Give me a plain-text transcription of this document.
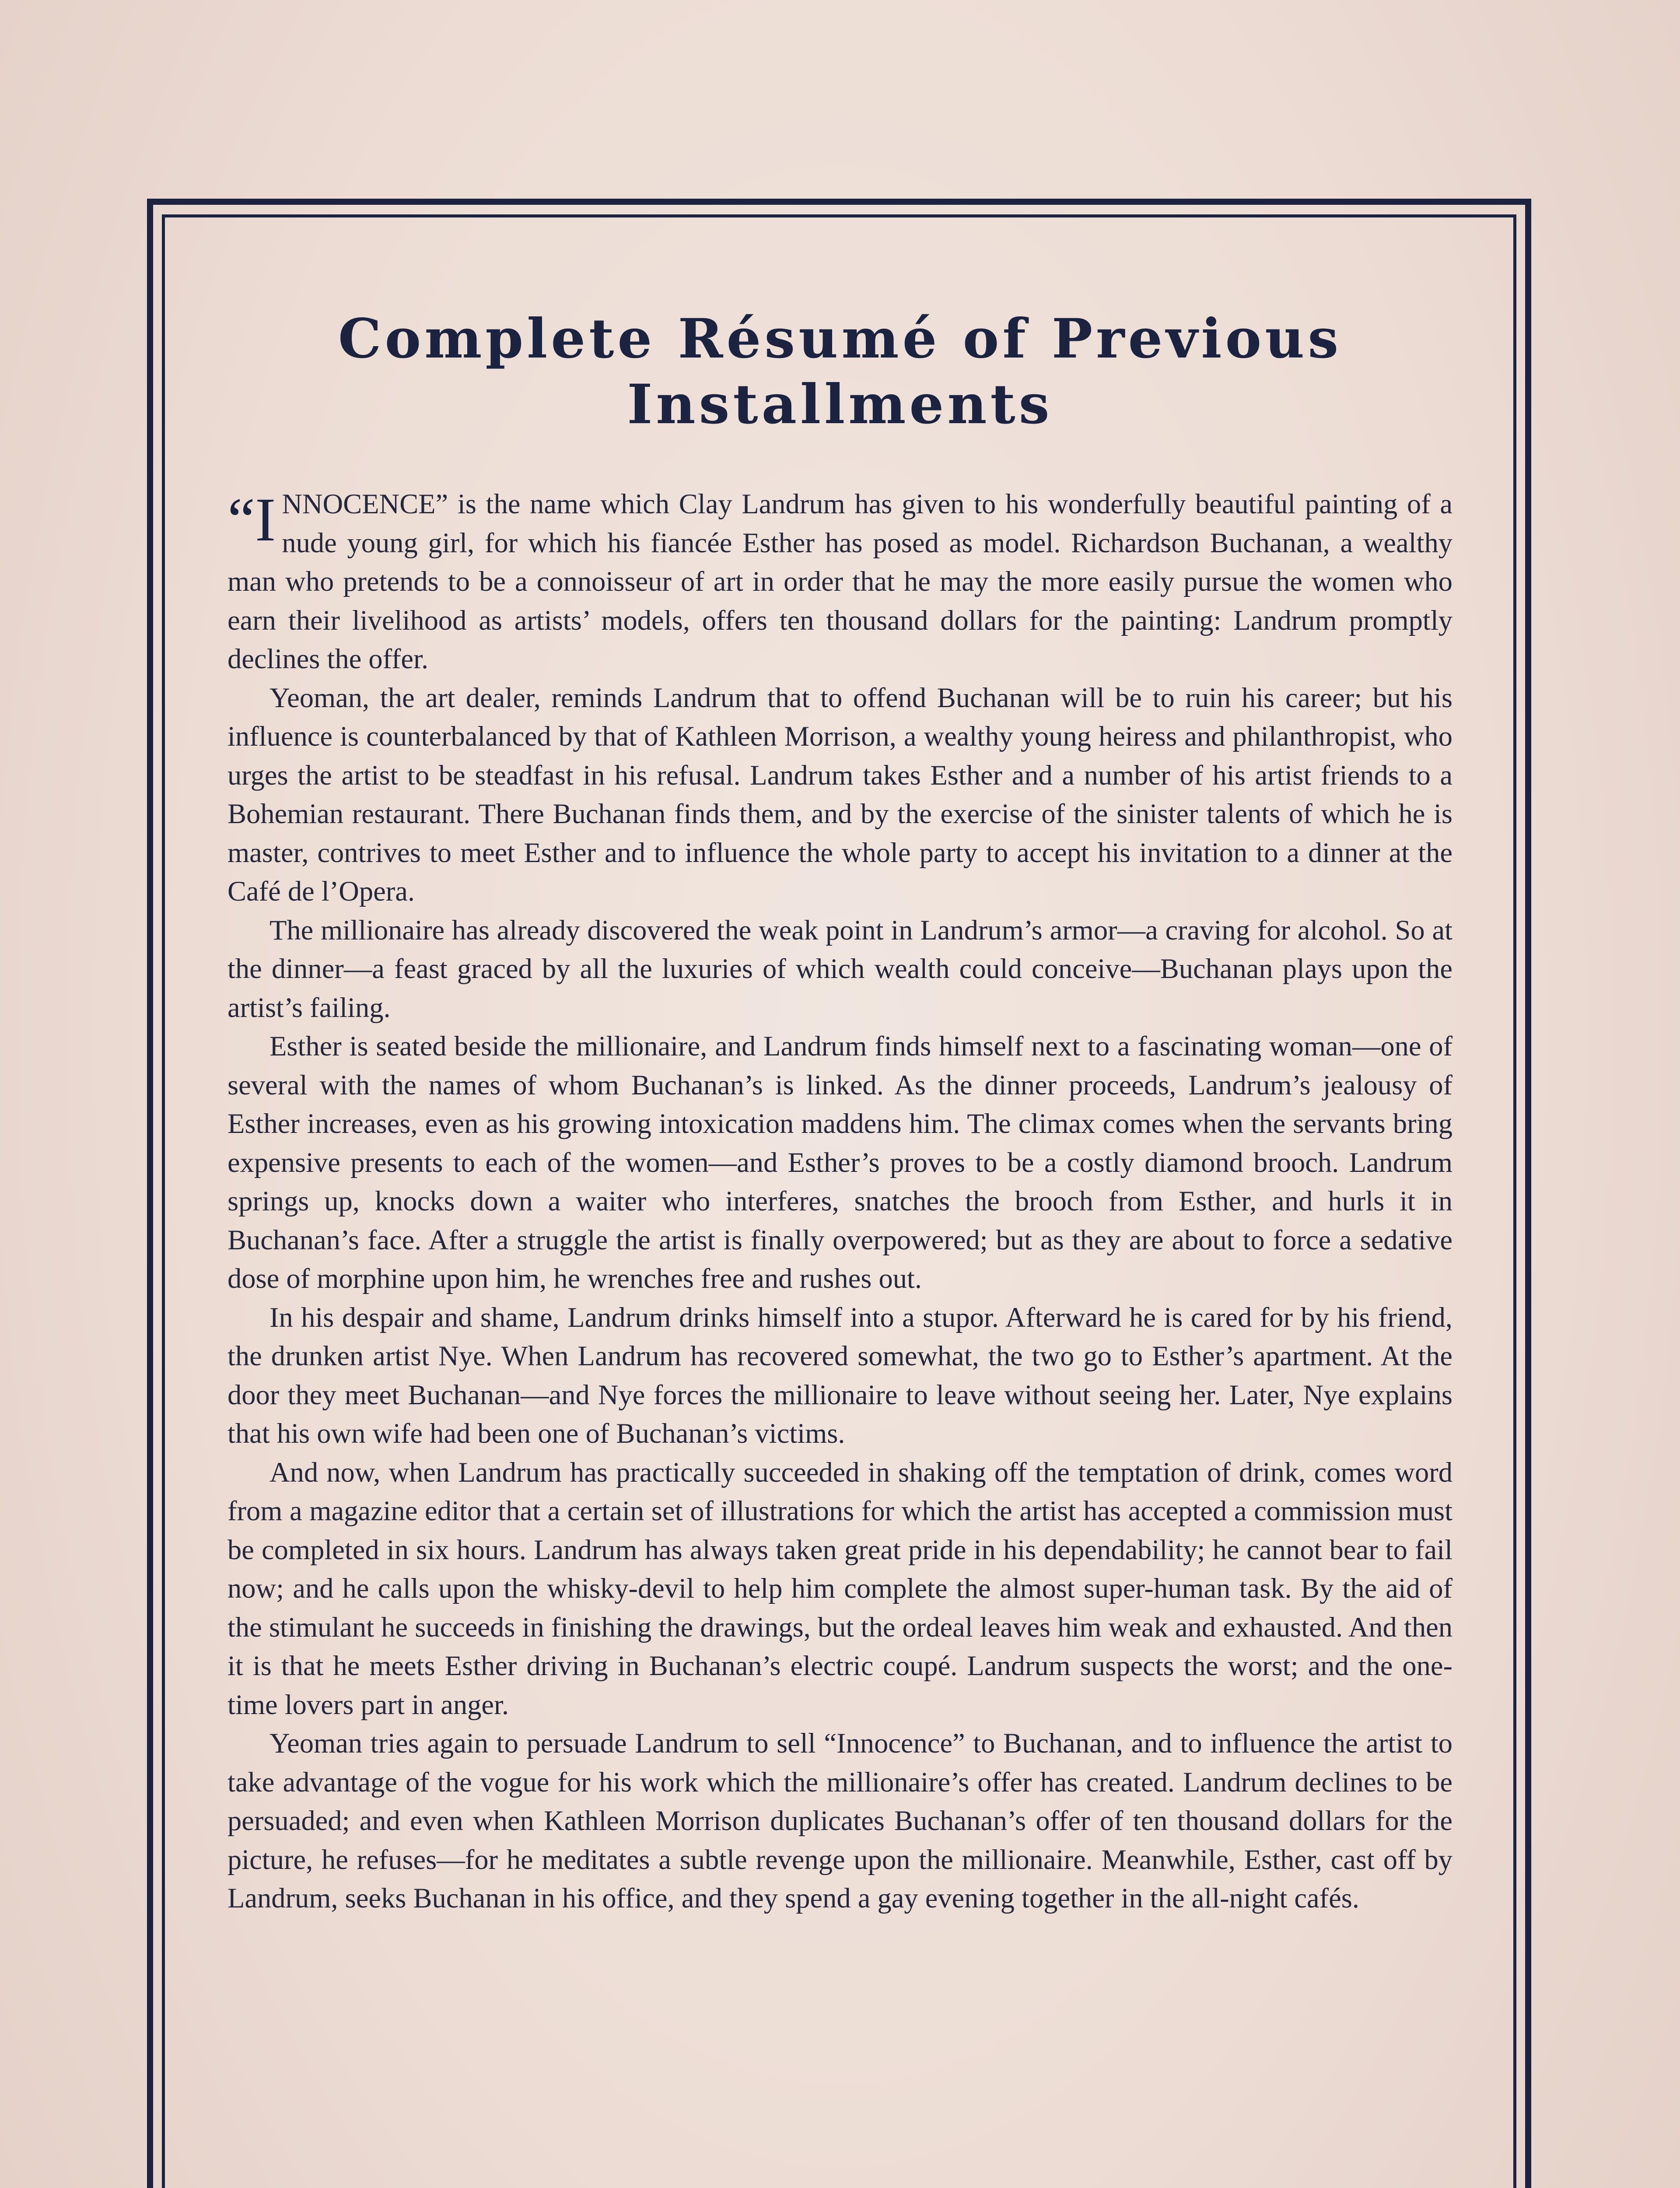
Complete Résumé of Previous
Installments

“I NNOCENCE” is the name which Clay Landrum has given to his wonderfully beautiful painting of a nude young girl, for which his fiancée Esther has posed as model. Richardson Buchanan, a wealthy man who pretends to be a connoisseur of art in order that he may the more easily pursue the women who earn their livelihood as artists’ models, offers ten thousand dollars for the painting: Landrum promptly declines the offer.

Yeoman, the art dealer, reminds Landrum that to offend Buchanan will be to ruin his career; but his influence is counterbalanced by that of Kathleen Morrison, a wealthy young heiress and philanthropist, who urges the artist to be steadfast in his refusal. Landrum takes Esther and a number of his artist friends to a Bohemian restaurant. There Buchanan finds them, and by the exercise of the sinister talents of which he is master, contrives to meet Esther and to influence the whole party to accept his invitation to a dinner at the Café de l’Opera.

The millionaire has already discovered the weak point in Landrum’s armor—a craving for alcohol. So at the dinner—a feast graced by all the luxuries of which wealth could conceive—Buchanan plays upon the artist’s failing.

Esther is seated beside the millionaire, and Landrum finds himself next to a fascinating woman—one of several with the names of whom Buchanan’s is linked. As the dinner proceeds, Landrum’s jealousy of Esther increases, even as his growing intoxication maddens him. The climax comes when the servants bring expensive presents to each of the women—and Esther’s proves to be a costly diamond brooch. Landrum springs up, knocks down a waiter who interferes, snatches the brooch from Esther, and hurls it in Buchanan’s face. After a struggle the artist is finally overpowered; but as they are about to force a sedative dose of morphine upon him, he wrenches free and rushes out.

In his despair and shame, Landrum drinks himself into a stupor. Afterward he is cared for by his friend, the drunken artist Nye. When Landrum has recovered somewhat, the two go to Esther’s apartment. At the door they meet Buchanan—and Nye forces the millionaire to leave without seeing her. Later, Nye explains that his own wife had been one of Buchanan’s victims.

And now, when Landrum has practically succeeded in shaking off the temptation of drink, comes word from a magazine editor that a certain set of illustrations for which the artist has accepted a commission must be completed in six hours. Landrum has always taken great pride in his dependability; he cannot bear to fail now; and he calls upon the whisky-devil to help him complete the almost super-human task. By the aid of the stimulant he succeeds in finishing the drawings, but the ordeal leaves him weak and exhausted. And then it is that he meets Esther driving in Buchanan’s electric coupé. Landrum suspects the worst; and the one-time lovers part in anger.

Yeoman tries again to persuade Landrum to sell “Innocence” to Buchanan, and to influence the artist to take advantage of the vogue for his work which the millionaire’s offer has created. Landrum declines to be persuaded; and even when Kathleen Morrison duplicates Buchanan’s offer of ten thousand dollars for the picture, he refuses—for he meditates a subtle revenge upon the millionaire. Meanwhile, Esther, cast off by Landrum, seeks Buchanan in his office, and they spend a gay evening together in the all-night cafés.
